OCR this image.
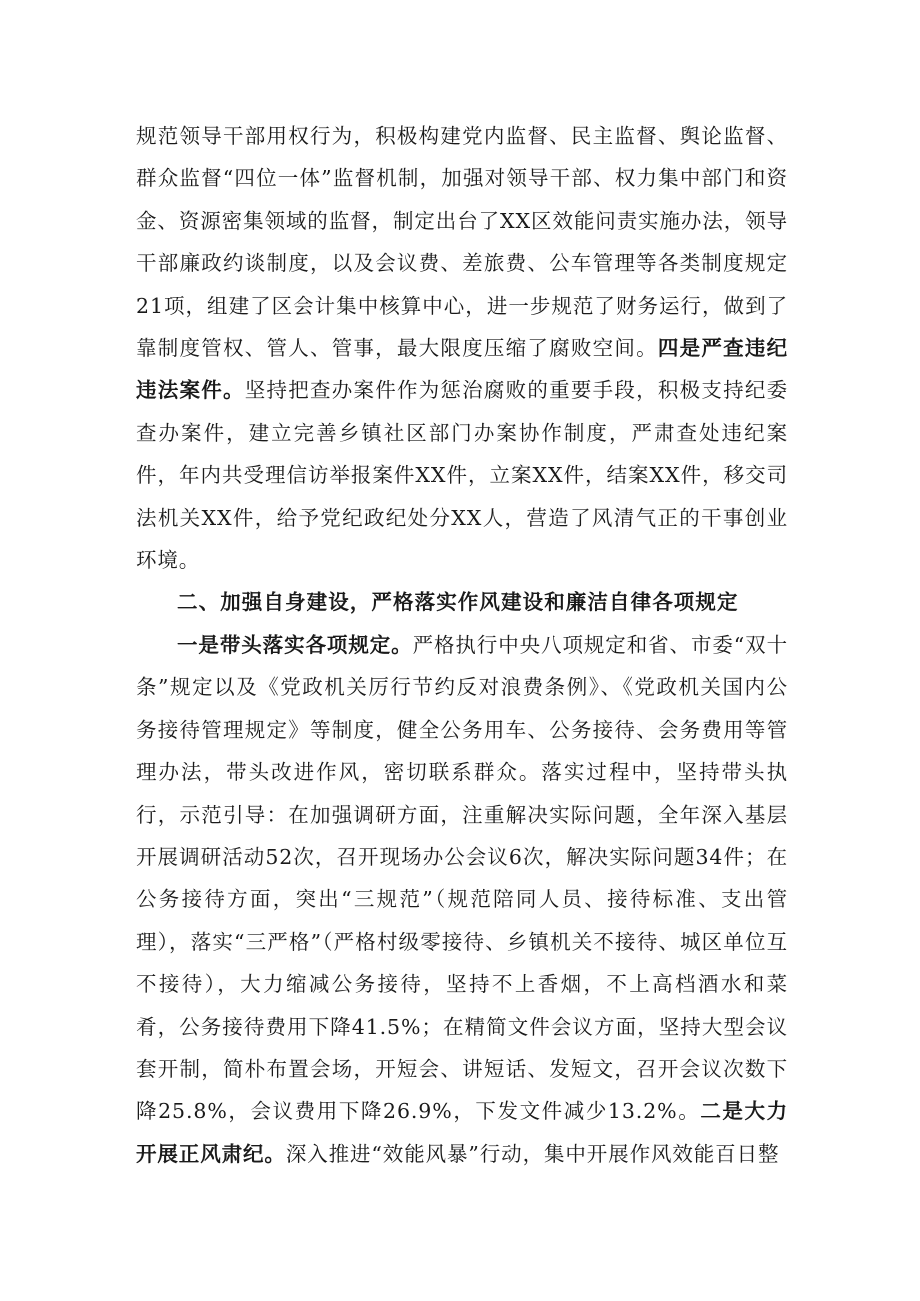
规范领导干部用权行为，积极构建党内监督、民主监督、舆论监督、群众监督“四位一体”监督机制，加强对领导干部、权力集中部门和资金、资源密集领域的监督，制定出台了XX区效能问责实施办法，领导干部廉政约谈制度，以及会议费、差旅费、公车管理等各类制度规定21项，组建了区会计集中核算中心，进一步规范了财务运行，做到了靠制度管权、管人、管事，最大限度压缩了腐败空间。四是严查违纪违法案件。坚持把查办案件作为惩治腐败的重要手段，积极支持纪委查办案件，建立完善乡镇社区部门办案协作制度，严肃查处违纪案件，年内共受理信访举报案件XX件，立案XX件，结案XX件，移交司法机关XX件，给予党纪政纪处分XX人，营造了风清气正的干事创业环境。

二、加强自身建设，严格落实作风建设和廉洁自律各项规定

一是带头落实各项规定。严格执行中央八项规定和省、市委“双十条”规定以及《党政机关厉行节约反对浪费条例》、《党政机关国内公务接待管理规定》等制度，健全公务用车、公务接待、会务费用等管理办法，带头改进作风，密切联系群众。落实过程中，坚持带头执行，示范引导：在加强调研方面，注重解决实际问题，全年深入基层开展调研活动52次，召开现场办公会议6次，解决实际问题34件；在公务接待方面，突出“三规范”（规范陪同人员、接待标准、支出管理），落实“三严格”（严格村级零接待、乡镇机关不接待、城区单位互不接待），大力缩减公务接待，坚持不上香烟，不上高档酒水和菜肴，公务接待费用下降41.5%；在精简文件会议方面，坚持大型会议套开制，简朴布置会场，开短会、讲短话、发短文，召开会议次数下降25.8%，会议费用下降26.9%，下发文件减少13.2%。二是大力开展正风肃纪。深入推进“效能风暴”行动，集中开展作风效能百日整
